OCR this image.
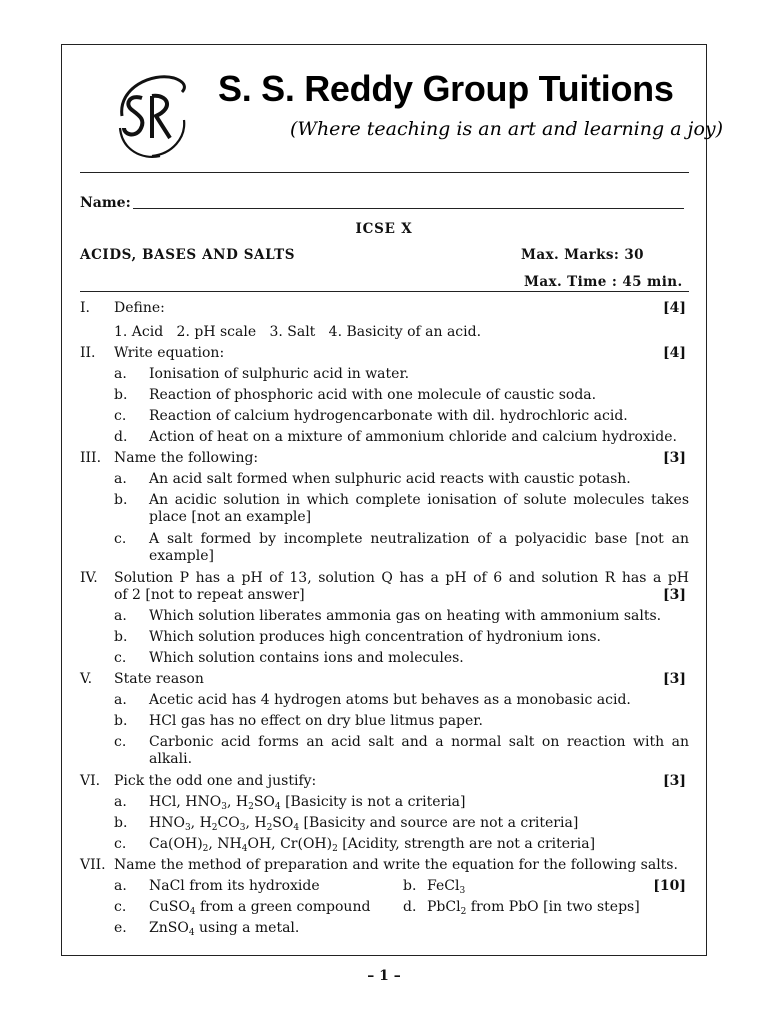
S. S. Reddy Group Tuitions
(Where teaching is an art and learning a joy)
Name:
ICSE X
ACIDS, BASES AND SALTS	Max. Marks: 30
Max. Time : 45 min.
I. Define:	[4]
1. Acid   2. pH scale   3. Salt   4. Basicity of an acid.
II. Write equation:	[4]
a. Ionisation of sulphuric acid in water.
b. Reaction of phosphoric acid with one molecule of caustic soda.
c. Reaction of calcium hydrogencarbonate with dil. hydrochloric acid.
d. Action of heat on a mixture of ammonium chloride and calcium hydroxide.
III. Name the following:	[3]
a. An acid salt formed when sulphuric acid reacts with caustic potash.
b. An acidic solution in which complete ionisation of solute molecules takes place [not an example]
c. A salt formed by incomplete neutralization of a polyacidic base [not an example]
IV. Solution P has a pH of 13, solution Q has a pH of 6 and solution R has a pH
of 2 [not to repeat answer]	[3]
a. Which solution liberates ammonia gas on heating with ammonium salts.
b. Which solution produces high concentration of hydronium ions.
c. Which solution contains ions and molecules.
V. State reason	[3]
a. Acetic acid has 4 hydrogen atoms but behaves as a monobasic acid.
b. HCl gas has no effect on dry blue litmus paper.
c. Carbonic acid forms an acid salt and a normal salt on reaction with an alkali.
VI. Pick the odd one and justify:	[3]
a. HCl, $HNO_3$, $H_2SO_4$ [Basicity is not a criteria]
b. $HNO_3$, $H_2CO_3$, $H_2SO_4$ [Basicity and source are not a criteria]
c. $Ca(OH)_2$, $NH_4OH$, $Cr(OH)_2$ [Acidity, strength are not a criteria]
VII. Name the method of preparation and write the equation for the following salts.
a. NaCl from its hydroxide	b. FeCl$_3$	[10]
c. CuSO$_4$ from a green compound d. PbCl$_2$ from PbO [in two steps]
e. ZnSO$_4$ using a metal.
– 1 –
